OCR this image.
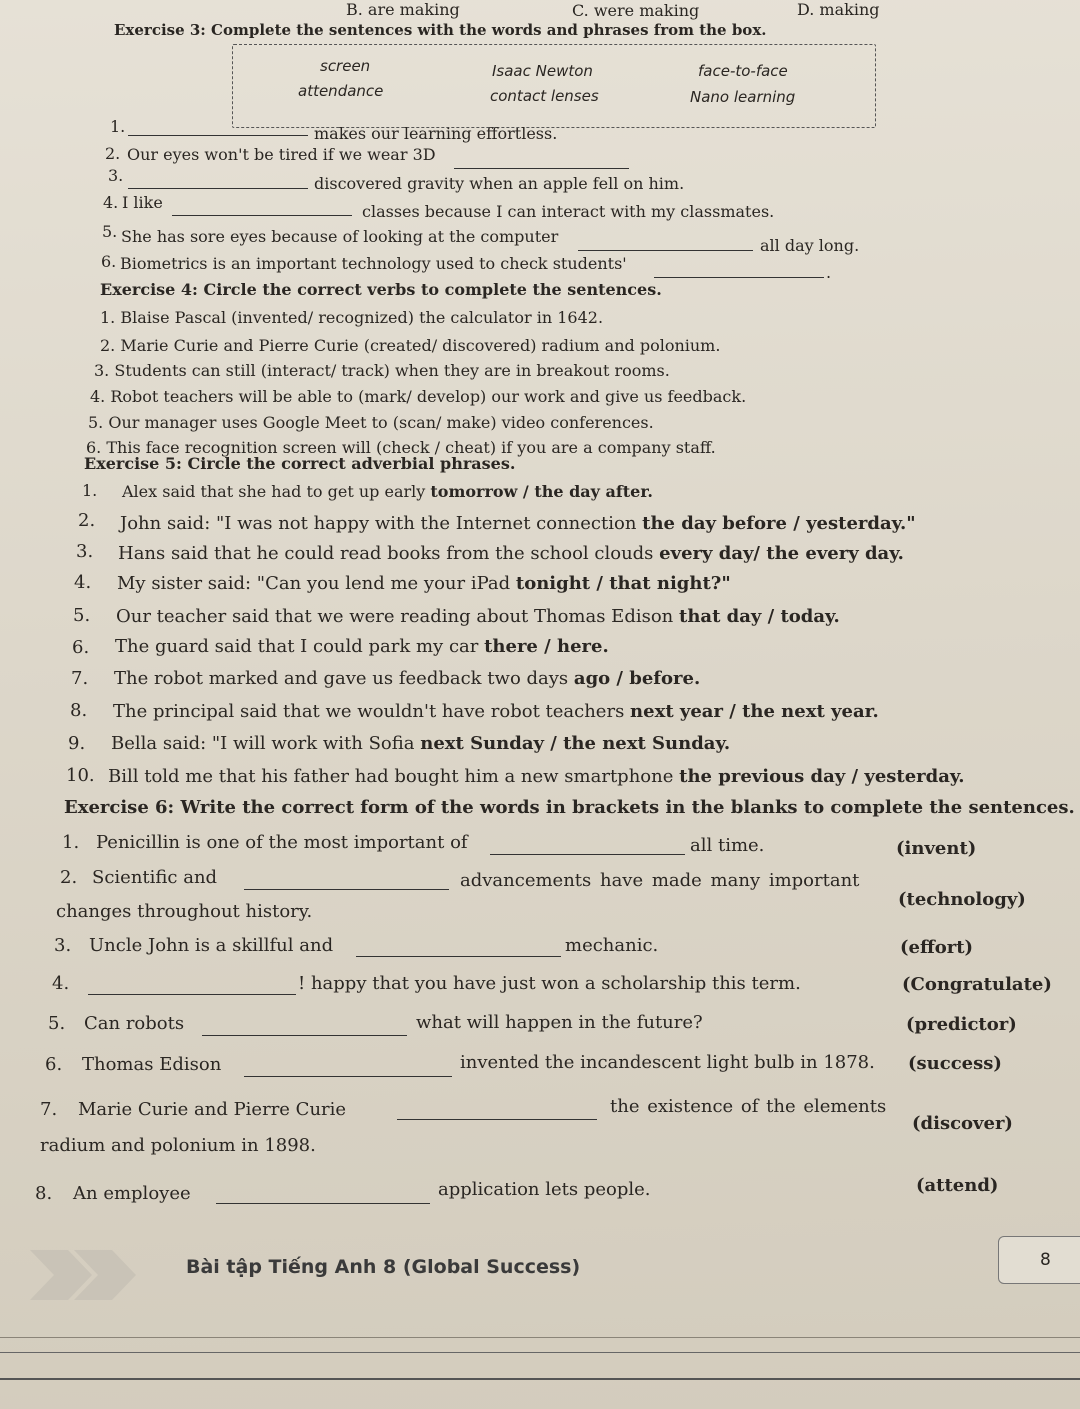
B. are making	C. were making	D. making
Exercise 3: Complete the sentences with the words and phrases from the box.
screen	Isaac Newton	face-to-face
attendance	contact lenses	Nano learning
1.	makes our learning effortless.
2. Our eyes won't be tired if we wear 3D
3.	discovered gravity when an apple fell on him.
4. I like	classes because I can interact with my classmates.
5. She has sore eyes because of looking at the computer	all day long.
6. Biometrics is an important technology used to check students'	.
Exercise 4: Circle the correct verbs to complete the sentences.
1. Blaise Pascal (invented/ recognized) the calculator in 1642.
2. Marie Curie and Pierre Curie (created/ discovered) radium and polonium.
3. Students can still (interact/ track) when they are in breakout rooms.
4. Robot teachers will be able to (mark/ develop) our work and give us feedback.
5. Our manager uses Google Meet to (scan/ make) video conferences.
6. This face recognition screen will (check / cheat) if you are a company staff.
Exercise 5: Circle the correct adverbial phrases.
1. Alex said that she had to get up early tomorrow / the day after.
2. John said: "I was not happy with the Internet connection the day before / yesterday."
3. Hans said that he could read books from the school clouds every day/ the every day.
4. My sister said: "Can you lend me your iPad tonight / that night?"
5. Our teacher said that we were reading about Thomas Edison that day / today.
6. The guard said that I could park my car there / here.
7. The robot marked and gave us feedback two days ago / before.
8. The principal said that we wouldn't have robot teachers next year / the next year.
9. Bella said: "I will work with Sofia next Sunday / the next Sunday.
10. Bill told me that his father had bought him a new smartphone the previous day / yesterday.
Exercise 6: Write the correct form of the words in brackets in the blanks to complete the sentences.
1. Penicillin is one of the most important of	all time.	(invent)
2. Scientific and	advancements have made many important
(technology)
changes throughout history.
3. Uncle John is a skillful and	mechanic.	(effort)
4.	! happy that you have just won a scholarship this term.	(Congratulate)
5. Can robots	what will happen in the future?	(predictor)
6. Thomas Edison	invented the incandescent light bulb in 1878. (success)
7. Marie Curie and Pierre Curie	the existence of the elements
(discover)
radium and polonium in 1898.
8. An employee	application lets people.	(attend)
Bài tập Tiếng Anh 8 (Global Success)	8
